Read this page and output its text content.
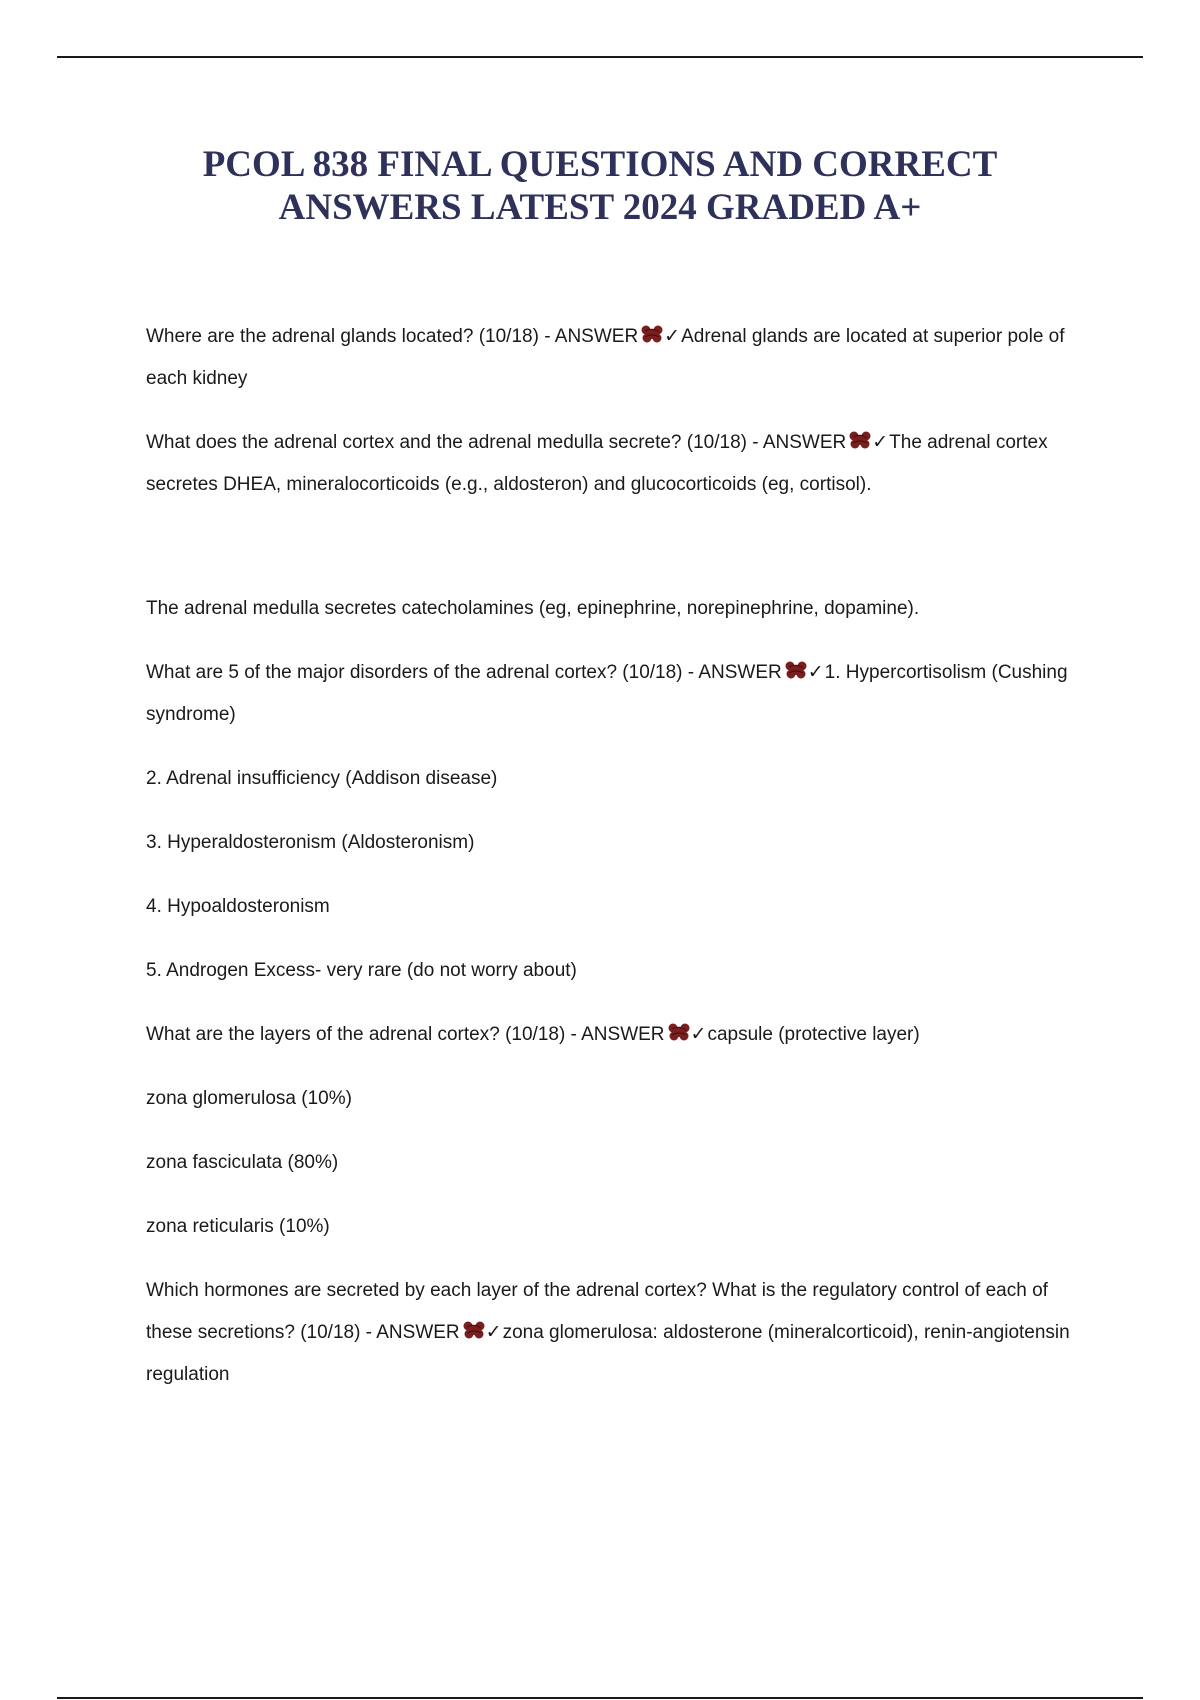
PCOL 838 FINAL QUESTIONS AND CORRECT
ANSWERS LATEST 2024 GRADED A+

Where are the adrenal glands located? (10/18) - ANSWER ✓Adrenal glands are located at superior pole of each kidney

What does the adrenal cortex and the adrenal medulla secrete? (10/18) - ANSWER ✓The adrenal cortex secretes DHEA, mineralocorticoids (e.g., aldosteron) and glucocorticoids (eg, cortisol).

The adrenal medulla secretes catecholamines (eg, epinephrine, norepinephrine, dopamine).

What are 5 of the major disorders of the adrenal cortex? (10/18) - ANSWER ✓1. Hypercortisolism (Cushing syndrome)

2. Adrenal insufficiency (Addison disease)

3. Hyperaldosteronism (Aldosteronism)

4. Hypoaldosteronism

5. Androgen Excess- very rare (do not worry about)

What are the layers of the adrenal cortex? (10/18) - ANSWER ✓capsule (protective layer)

zona glomerulosa (10%)

zona fasciculata (80%)

zona reticularis (10%)

Which hormones are secreted by each layer of the adrenal cortex? What is the regulatory control of each of these secretions? (10/18) - ANSWER ✓zona glomerulosa: aldosterone (mineralcorticoid), renin-angiotensin regulation
